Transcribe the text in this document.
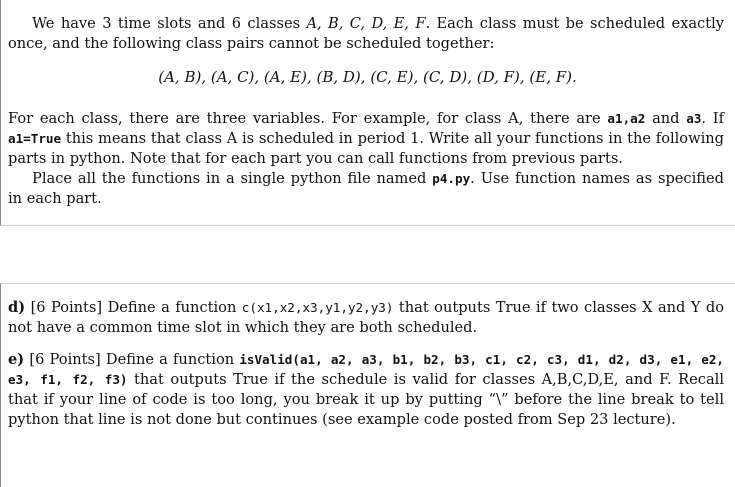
We have 3 time slots and 6 classes A, B, C, D, E, F. Each class must be scheduled exactly once, and the following class pairs cannot be scheduled together:

(A, B), (A, C), (A, E), (B, D), (C, E), (C, D), (D, F), (E, F).

For each class, there are three variables. For example, for class A, there are a1,a2 and a3. If a1=True this means that class A is scheduled in period 1. Write all your functions in the following parts in python. Note that for each part you can call functions from previous parts.

Place all the functions in a single python file named p4.py. Use function names as specified in each part.

d) [6 Points] Define a function c(x1,x2,x3,y1,y2,y3) that outputs True if two classes X and Y do not have a common time slot in which they are both scheduled.

e) [6 Points] Define a function isValid(a1, a2, a3, b1, b2, b3, c1, c2, c3, d1, d2, d3, e1, e2, e3, f1, f2, f3) that outputs True if the schedule is valid for classes A,B,C,D,E, and F. Recall that if your line of code is too long, you break it up by putting “\” before the line break to tell python that line is not done but continues (see example code posted from Sep 23 lecture).
